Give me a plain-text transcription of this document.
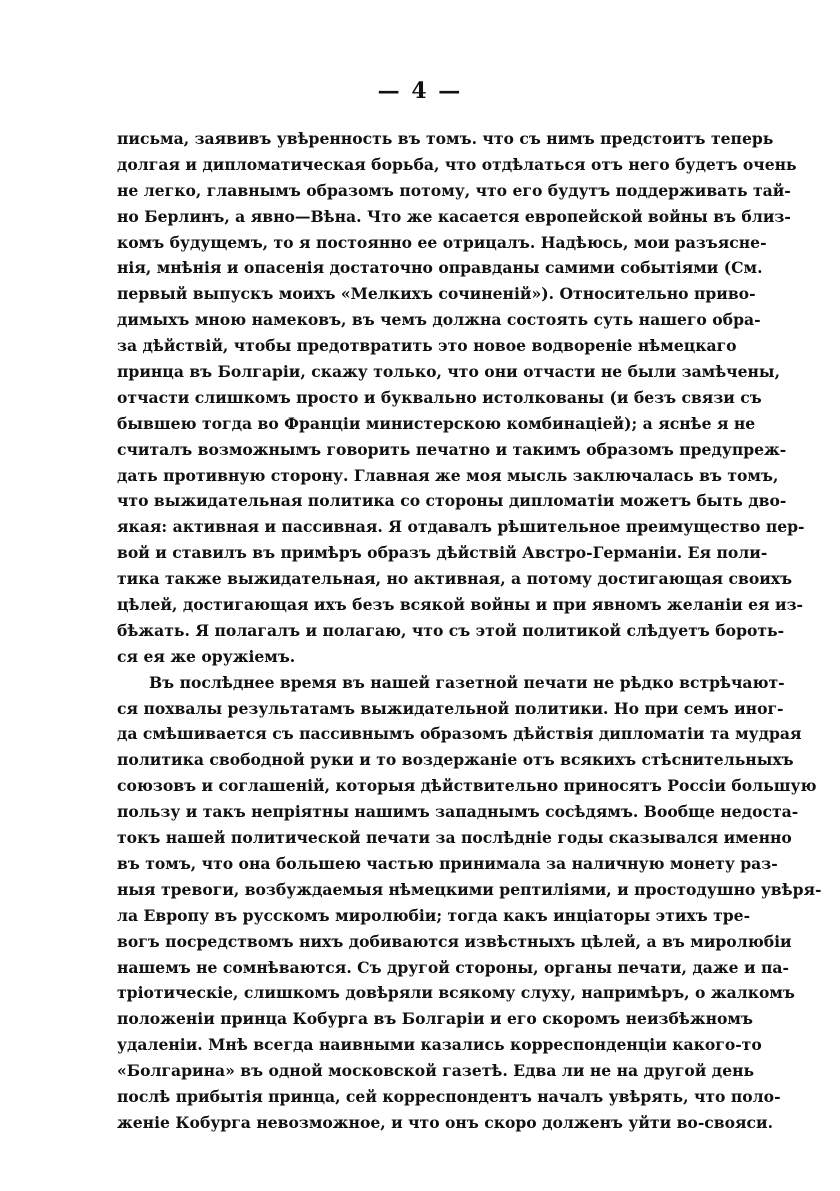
— 4 —
письма, заявивъ увѣренность въ томъ. что съ нимъ предстоитъ теперь
долгая и дипломатическая борьба, что отдѣлаться отъ него будетъ очень
не легко, главнымъ образомъ потому, что его будутъ поддерживать тай-
но Берлинъ, а явно—Вѣна. Что же касается европейской войны въ близ-
комъ будущемъ, то я постоянно ее отрицалъ. Надѣюсь, мои разъясне-
нія, мнѣнія и опасенія достаточно оправданы самими событіями (См.
первый выпускъ моихъ «Мелкихъ сочиненій»). Относительно приво-
димыхъ мною намековъ, въ чемъ должна состоять суть нашего обра-
за дѣйствій, чтобы предотвратить это новое водвореніе нѣмецкаго
принца въ Болгаріи, скажу только, что они отчасти не были замѣчены,
отчасти слишкомъ просто и буквально истолкованы (и безъ связи съ
бывшею тогда во Франціи министерскою комбинаціей); а яснѣе я не
считалъ возможнымъ говорить печатно и такимъ образомъ предупреж-
дать противную сторону. Главная же моя мысль заключалась въ томъ,
что выжидательная политика со стороны дипломатіи можетъ быть дво-
якая: активная и пассивная. Я отдавалъ рѣшительное преимущество пер-
вой и ставилъ въ примѣръ образъ дѣйствій Австро-Германіи. Ея поли-
тика также выжидательная, но активная, а потому достигающая своихъ
цѣлей, достигающая ихъ безъ всякой войны и при явномъ желаніи ея из-
бѣжать. Я полагалъ и полагаю, что съ этой политикой слѣдуетъ бороть-
ся ея же оружіемъ.
Въ послѣднее время въ нашей газетной печати не рѣдко встрѣчают-
ся похвалы результатамъ выжидательной политики. Но при семъ иног-
да смѣшивается съ пассивнымъ образомъ дѣйствія дипломатіи та мудрая
политика свободной руки и то воздержаніе отъ всякихъ стѣснительныхъ
союзовъ и соглашеній, которыя дѣйствительно приносятъ Россіи большую
пользу и такъ непріятны нашимъ западнымъ сосѣдямъ. Вообще недоста-
токъ нашей политической печати за послѣдніе годы сказывался именно
въ томъ, что она большею частью принимала за наличную монету раз-
ныя тревоги, возбуждаемыя нѣмецкими рептиліями, и простодушно увѣря-
ла Европу въ русскомъ миролюбіи; тогда какъ инціаторы этихъ тре-
вогъ посредствомъ нихъ добиваются извѣстныхъ цѣлей, а въ миролюбіи
нашемъ не сомнѣваются. Съ другой стороны, органы печати, даже и па-
тріотическіе, слишкомъ довѣряли всякому слуху, напримѣръ, о жалкомъ
положеніи принца Кобурга въ Болгаріи и его скоромъ неизбѣжномъ
удаленіи. Мнѣ всегда наивными казались корреспонденціи какого-то
«Болгарина» въ одной московской газетѣ. Едва ли не на другой день
послѣ прибытія принца, сей корреспондентъ началъ увѣрять, что поло-
женіе Кобурга невозможное, и что онъ скоро долженъ уйти во-свояси.
